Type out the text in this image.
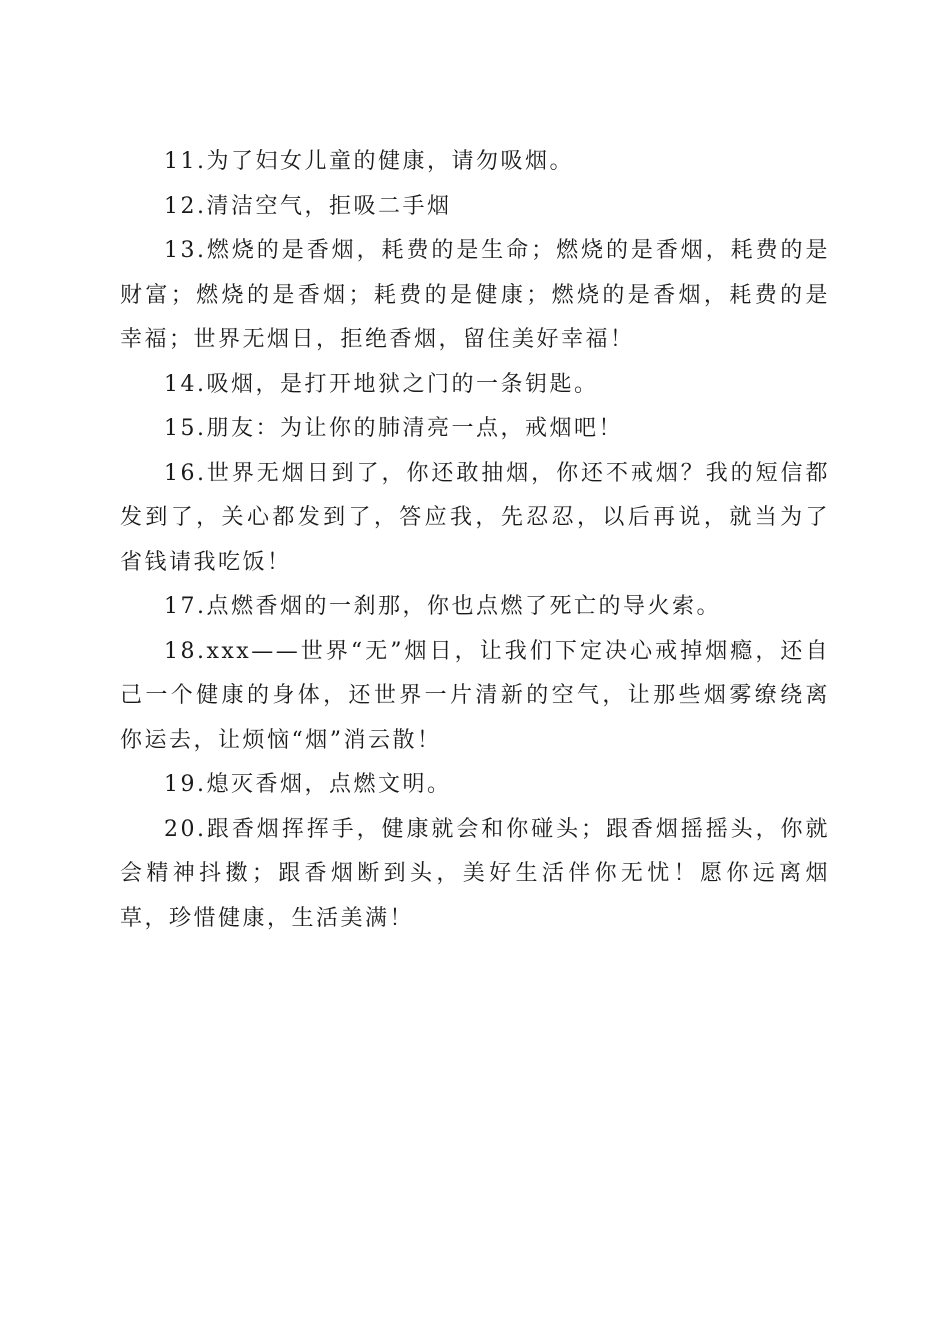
11.为了妇女儿童的健康，请勿吸烟。

12.清洁空气，拒吸二手烟

13.燃烧的是香烟，耗费的是生命；燃烧的是香烟，耗费的是财富；燃烧的是香烟；耗费的是健康；燃烧的是香烟，耗费的是幸福；世界无烟日，拒绝香烟，留住美好幸福！

14.吸烟，是打开地狱之门的一条钥匙。

15.朋友：为让你的肺清亮一点，戒烟吧！

16.世界无烟日到了，你还敢抽烟，你还不戒烟？我的短信都发到了，关心都发到了，答应我，先忍忍，以后再说，就当为了省钱请我吃饭！

17.点燃香烟的一刹那，你也点燃了死亡的导火索。

18.xxx——世界“无”烟日，让我们下定决心戒掉烟瘾，还自己一个健康的身体，还世界一片清新的空气，让那些烟雾缭绕离你运去，让烦恼“烟”消云散！

19.熄灭香烟，点燃文明。

20.跟香烟挥挥手，健康就会和你碰头；跟香烟摇摇头，你就会精神抖擞；跟香烟断到头，美好生活伴你无忧！愿你远离烟草，珍惜健康，生活美满！
